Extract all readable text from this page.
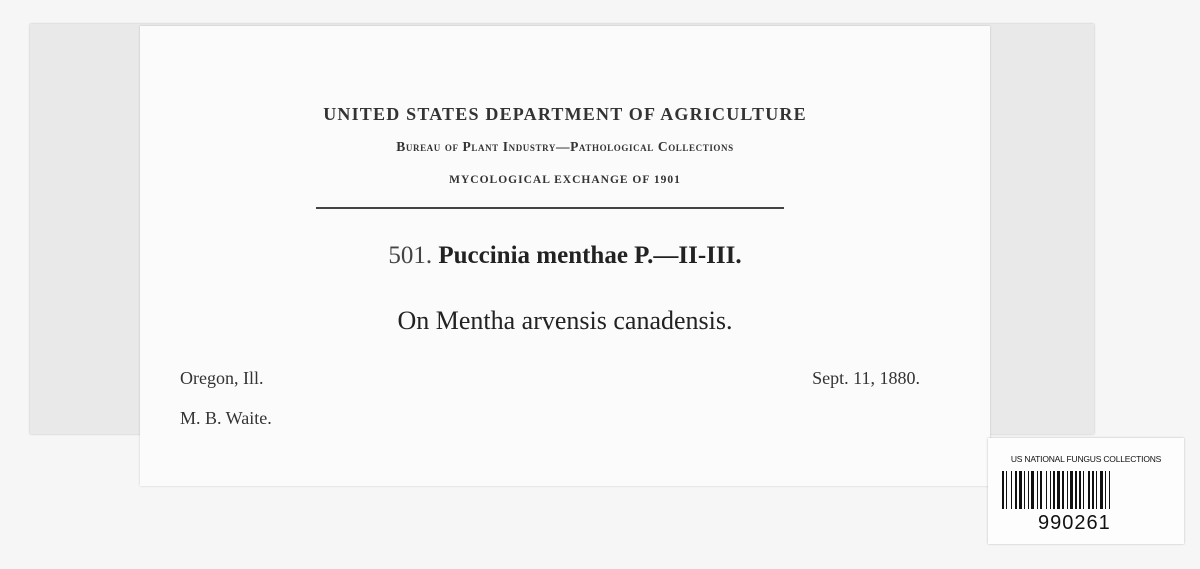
UNITED STATES DEPARTMENT OF AGRICULTURE
Bureau of Plant Industry—Pathological Collections
MYCOLOGICAL EXCHANGE OF 1901
501. Puccinia menthae P.—II-III.
On Mentha arvensis canadensis.
Oregon, Ill.	Sept. 11, 1880.
M. B. Waite.
US NATIONAL FUNGUS COLLECTIONS
990261
